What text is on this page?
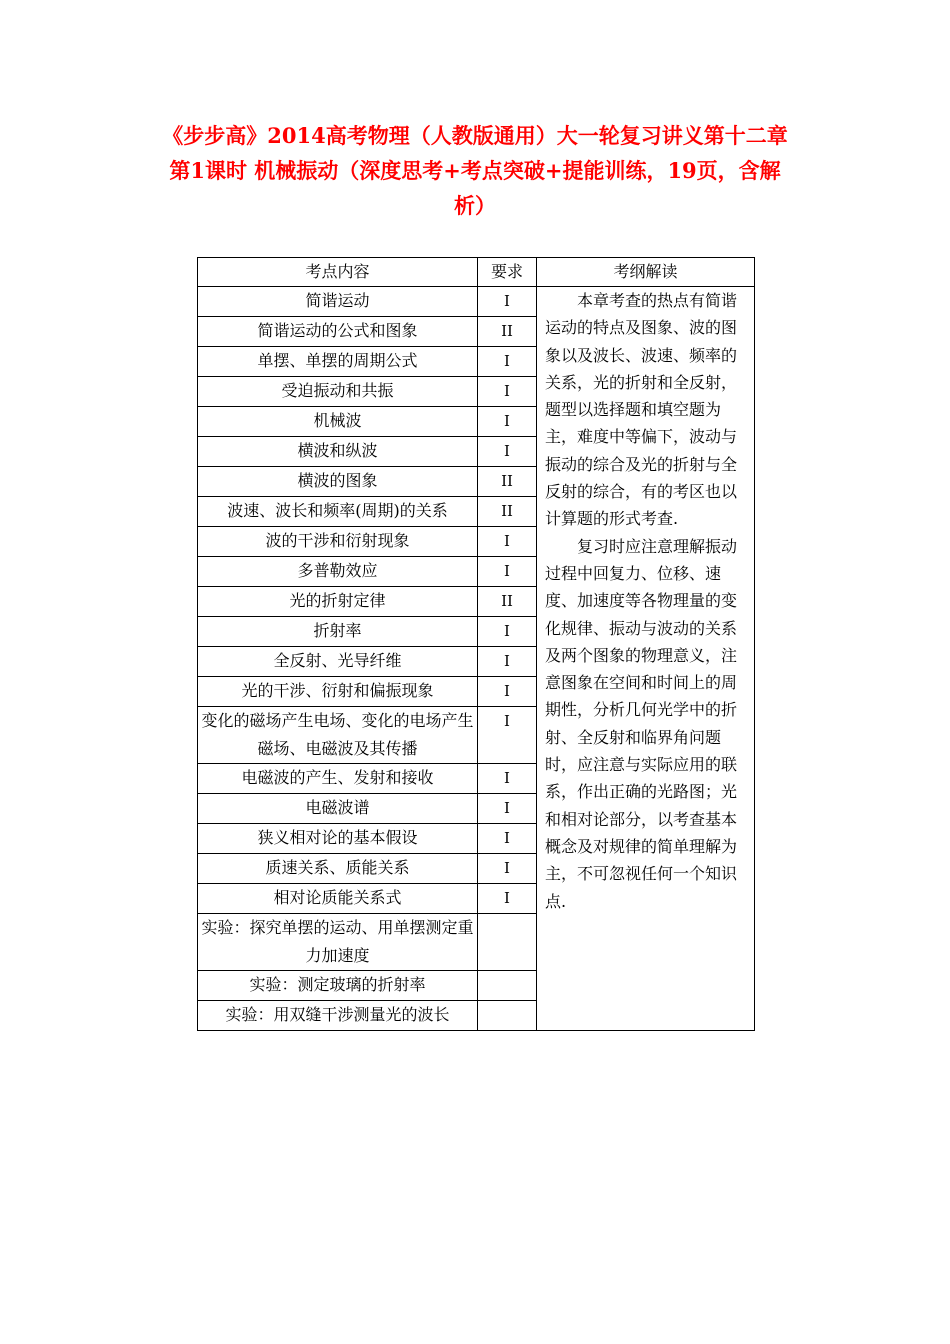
《步步高》2014高考物理（人教版通用）大一轮复习讲义第十二章
第1课时 机械振动（深度思考+考点突破+提能训练，19页，含解
析）
考点内容	要求	考纲解读
简谐运动	I	本章考查的热点有简谐运动的特点及图象、波的图象以及波长、波速、频率的关系，光的折射和全反射，题型以选择题和填空题为主，难度中等偏下，波动与振动的综合及光的折射与全反射的综合，有的考区也以计算题的形式考查.

复习时应注意理解振动过程中回复力、位移、速度、加速度等各物理量的变化规律、振动与波动的关系及两个图象的物理意义，注意图象在空间和时间上的周期性，分析几何光学中的折射、全反射和临界角问题时，应注意与实际应用的联系，作出正确的光路图；光和相对论部分，以考查基本概念及对规律的简单理解为主，不可忽视任何一个知识点.

简谐运动的公式和图象	II	
单摆、单摆的周期公式	I	
受迫振动和共振	I	
机械波	I	
横波和纵波	I	
横波的图象	II	
波速、波长和频率(周期)的关系	II	
波的干涉和衍射现象	I	
多普勒效应	I	
光的折射定律	II	
折射率	I	
全反射、光导纤维	I	
光的干涉、衍射和偏振现象	I	
变化的磁场产生电场、变化的电场产生磁场、电磁波及其传播	I	
电磁波的产生、发射和接收	I	
电磁波谱	I	
狭义相对论的基本假设	I	
质速关系、质能关系	I	
相对论质能关系式	I	
实验：探究单摆的运动、用单摆测定重力加速度		
实验：测定玻璃的折射率		
实验：用双缝干涉测量光的波长		
